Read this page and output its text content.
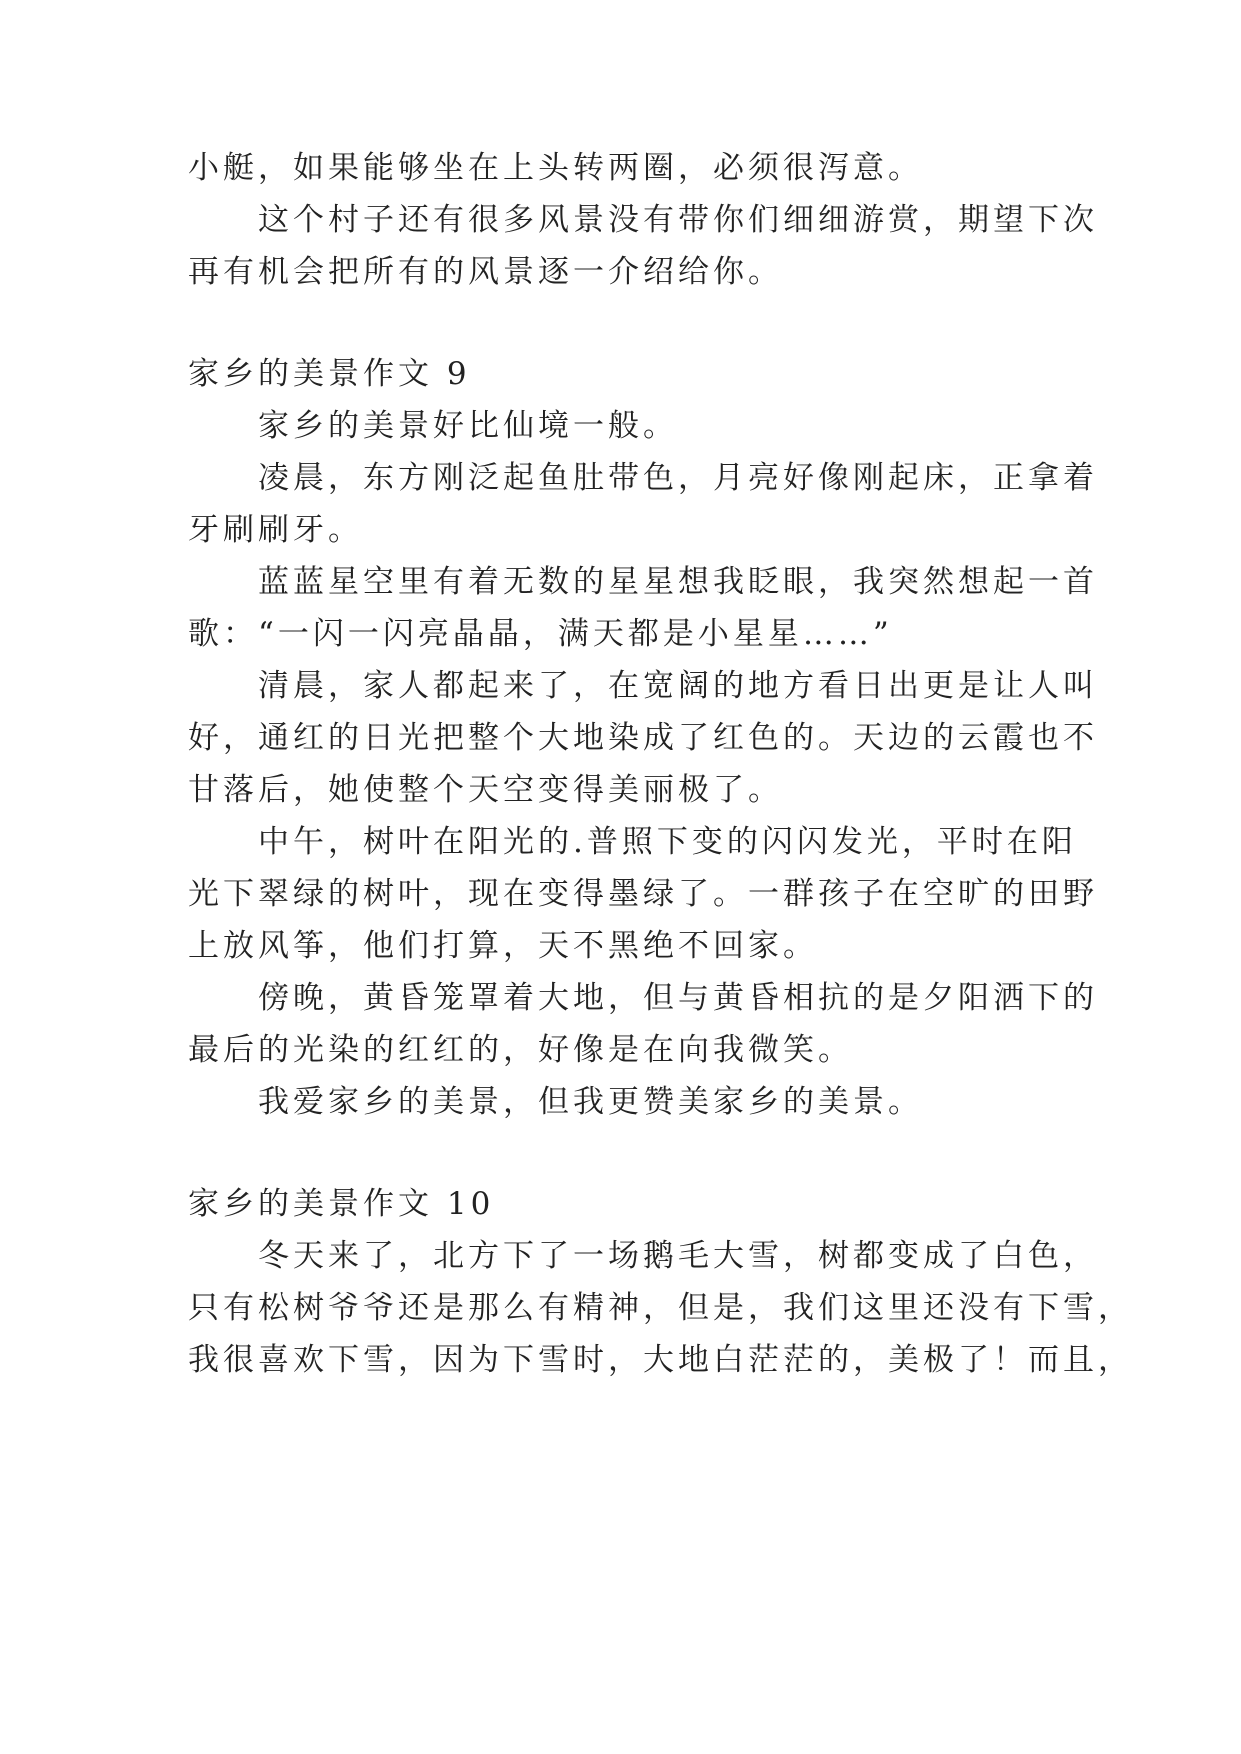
小艇，如果能够坐在上头转两圈，必须很泻意。
这个村子还有很多风景没有带你们细细游赏，期望下次
再有机会把所有的风景逐一介绍给你。
家乡的美景作文 9
家乡的美景好比仙境一般。
凌晨，东方刚泛起鱼肚带色，月亮好像刚起床，正拿着
牙刷刷牙。
蓝蓝星空里有着无数的星星想我眨眼，我突然想起一首
歌：“一闪一闪亮晶晶，满天都是小星星……”
清晨，家人都起来了，在宽阔的地方看日出更是让人叫
好，通红的日光把整个大地染成了红色的。天边的云霞也不
甘落后，她使整个天空变得美丽极了。
中午，树叶在阳光的.普照下变的闪闪发光，平时在阳
光下翠绿的树叶，现在变得墨绿了。一群孩子在空旷的田野
上放风筝，他们打算，天不黑绝不回家。
傍晚，黄昏笼罩着大地，但与黄昏相抗的是夕阳洒下的
最后的光染的红红的，好像是在向我微笑。
我爱家乡的美景，但我更赞美家乡的美景。
家乡的美景作文 10
冬天来了，北方下了一场鹅毛大雪，树都变成了白色，
只有松树爷爷还是那么有精神，但是，我们这里还没有下雪，
我很喜欢下雪，因为下雪时，大地白茫茫的，美极了！而且，
